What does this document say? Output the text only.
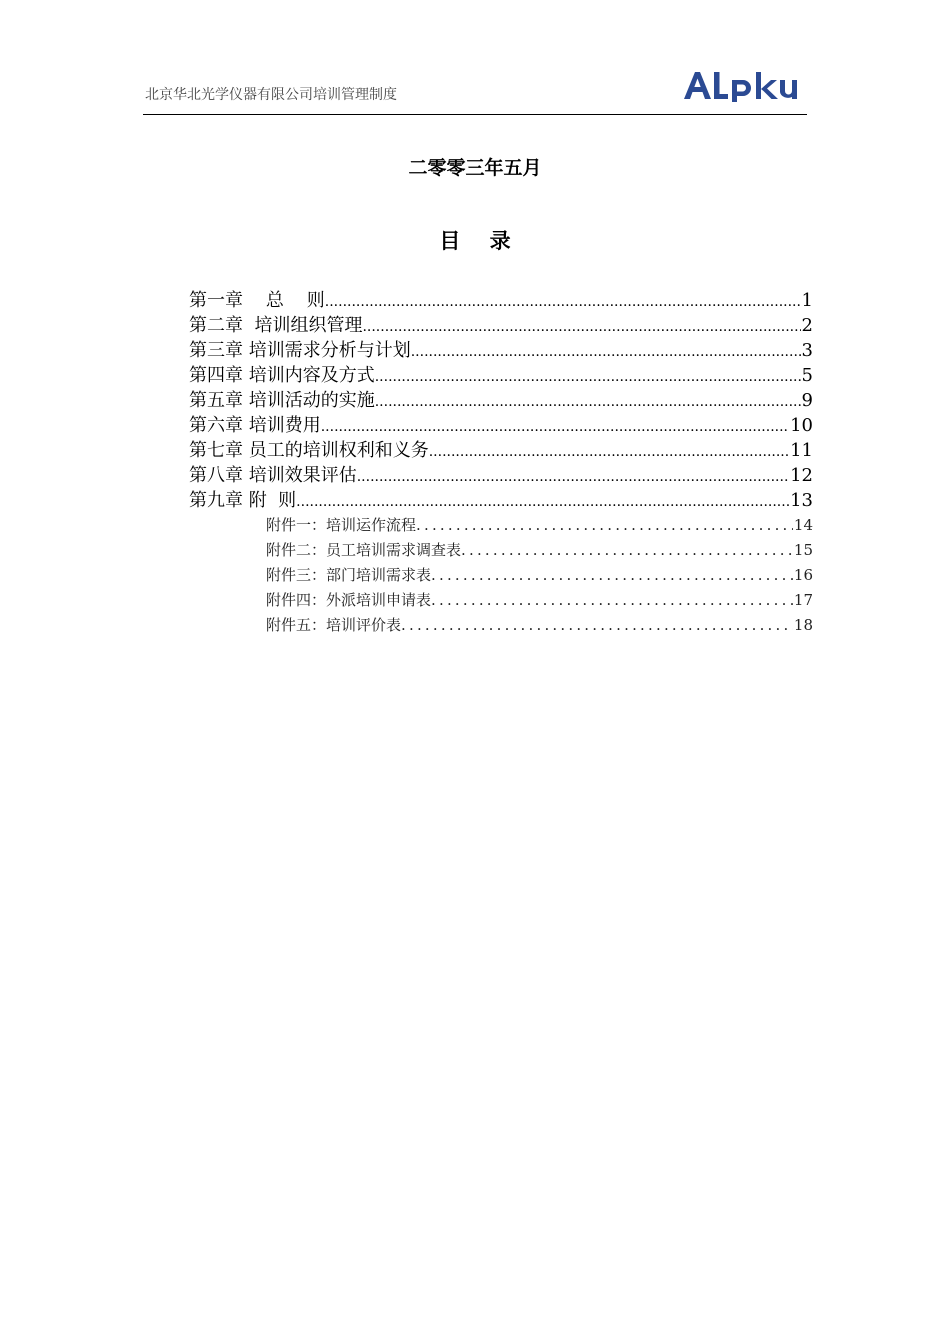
北京华北光学仪器有限公司培训管理制度
二零零三年五月
目    录
第一章    总    则 .....	1
第二章  培训组织管理 .....	2
第三章 培训需求分析与计划 .....	3
第四章 培训内容及方式 .....	5
第五章 培训活动的实施 .....	9
第六章 培训费用 .....	10
第七章 员工的培训权利和义务 .....	11
第八章 培训效果评估 .....	12
第九章 附  则 .....	13
附件一：培训运作流程 .....	14
附件二：员工培训需求调查表 .....	15
附件三：部门培训需求表 .....	16
附件四：外派培训申请表 .....	17
附件五：培训评价表 .....	18
